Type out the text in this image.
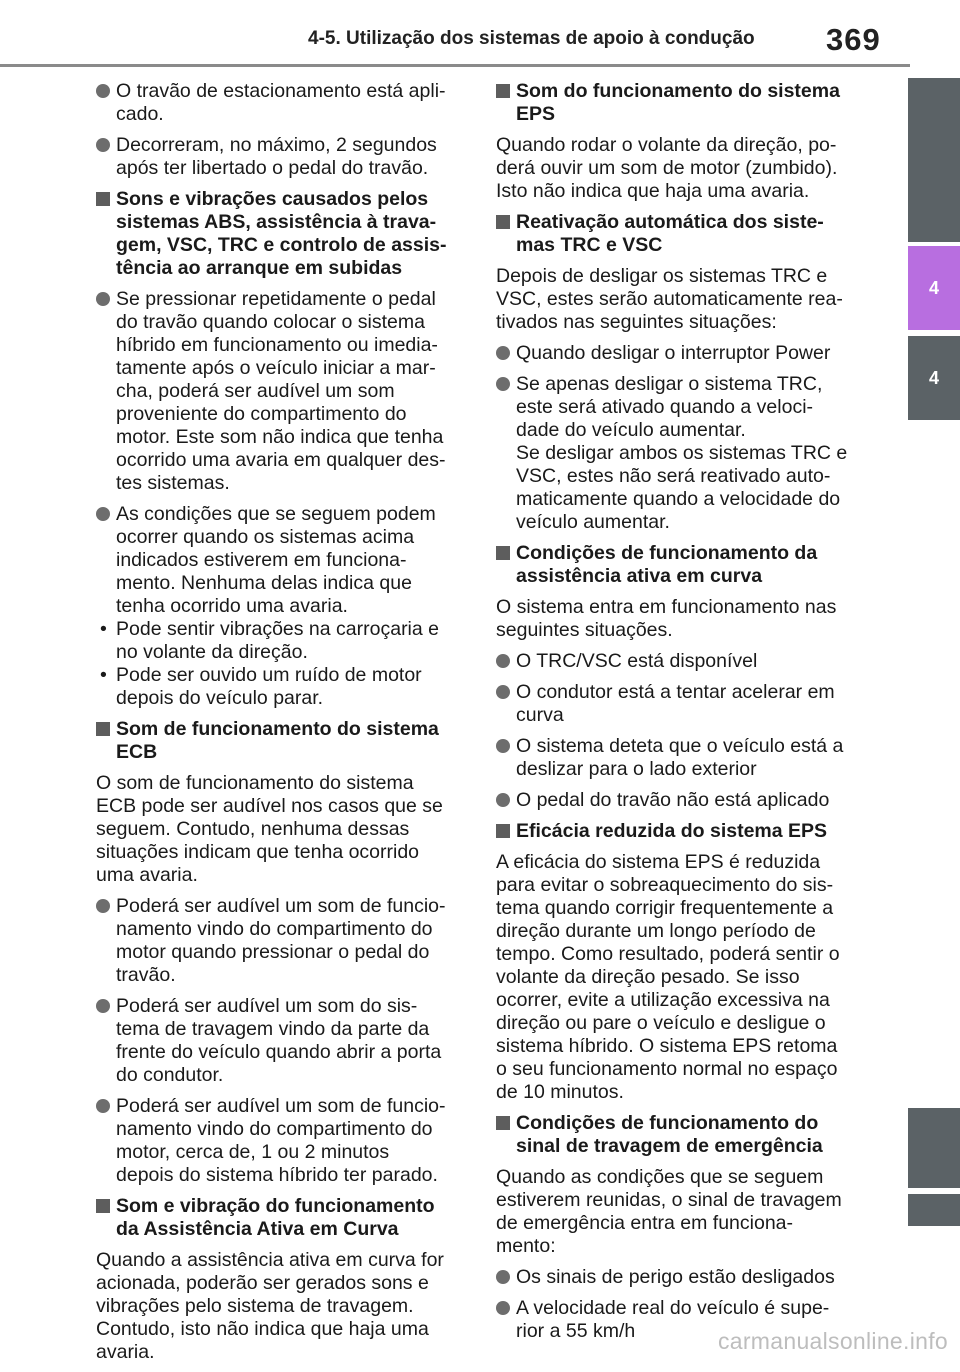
4-5. Utilização dos sistemas de apoio à condução 369
4
4
O travão de estacionamento está apli-
cado.
Decorreram, no máximo, 2 segundos
após ter libertado o pedal do travão.
Sons e vibrações causados pelos
sistemas ABS, assistência à trava-
gem, VSC, TRC e controlo de assis-
tência ao arranque em subidas
Se pressionar repetidamente o pedal
do travão quando colocar o sistema
híbrido em funcionamento ou imedia-
tamente após o veículo iniciar a mar-
cha, poderá ser audível um som
proveniente do compartimento do
motor. Este som não indica que tenha
ocorrido uma avaria em qualquer des-
tes sistemas.
As condições que se seguem podem
ocorrer quando os sistemas acima
indicados estiverem em funciona-
mento. Nenhuma delas indica que
tenha ocorrido uma avaria.
• Pode sentir vibrações na carroçaria e
no volante da direção.
• Pode ser ouvido um ruído de motor
depois do veículo parar.
Som de funcionamento do sistema
ECB
O som de funcionamento do sistema
ECB pode ser audível nos casos que se
seguem. Contudo, nenhuma dessas
situações indicam que tenha ocorrido
uma avaria.
Poderá ser audível um som de funcio-
namento vindo do compartimento do
motor quando pressionar o pedal do
travão.
Poderá ser audível um som do sis-
tema de travagem vindo da parte da
frente do veículo quando abrir a porta
do condutor.
Poderá ser audível um som de funcio-
namento vindo do compartimento do
motor, cerca de, 1 ou 2 minutos
depois do sistema híbrido ter parado.
Som e vibração do funcionamento
da Assistência Ativa em Curva
Quando a assistência ativa em curva for
acionada, poderão ser gerados sons e
vibrações pelo sistema de travagem.
Contudo, isto não indica que haja uma
avaria.
Som do funcionamento do sistema
EPS
Quando rodar o volante da direção, po-
derá ouvir um som de motor (zumbido).
Isto não indica que haja uma avaria.
Reativação automática dos siste-
mas TRC e VSC
Depois de desligar os sistemas TRC e
VSC, estes serão automaticamente rea-
tivados nas seguintes situações:
Quando desligar o interruptor Power
Se apenas desligar o sistema TRC,
este será ativado quando a veloci-
dade do veículo aumentar.
Se desligar ambos os sistemas TRC e
VSC, estes não será reativado auto-
maticamente quando a velocidade do
veículo aumentar.
Condições de funcionamento da
assistência ativa em curva
O sistema entra em funcionamento nas
seguintes situações.
O TRC/VSC está disponível
O condutor está a tentar acelerar em
curva
O sistema deteta que o veículo está a
deslizar para o lado exterior
O pedal do travão não está aplicado
Eficácia reduzida do sistema EPS
A eficácia do sistema EPS é reduzida
para evitar o sobreaquecimento do sis-
tema quando corrigir frequentemente a
direção durante um longo período de
tempo. Como resultado, poderá sentir o
volante da direção pesado. Se isso
ocorrer, evite a utilização excessiva na
direção ou pare o veículo e desligue o
sistema híbrido. O sistema EPS retoma
o seu funcionamento normal no espaço
de 10 minutos.
Condições de funcionamento do
sinal de travagem de emergência
Quando as condições que se seguem
estiverem reunidas, o sinal de travagem
de emergência entra em funciona-
mento:
Os sinais de perigo estão desligados
A velocidade real do veículo é supe-
rior a 55 km/h	carmanualsonline.info
